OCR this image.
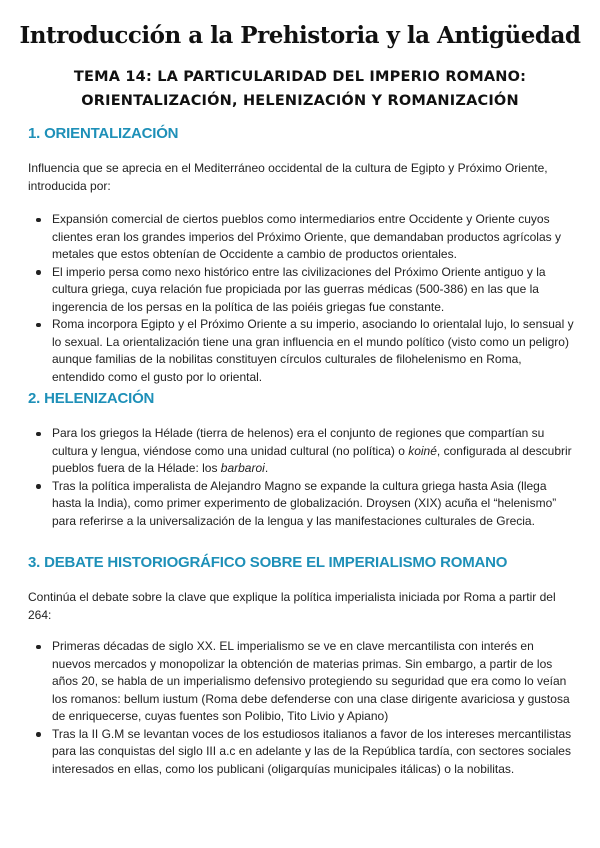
Introducción a la Prehistoria y la Antigüedad
TEMA 14: LA PARTICULARIDAD DEL IMPERIO ROMANO:
ORIENTALIZACIÓN, HELENIZACIÓN Y ROMANIZACIÓN
1. ORIENTALIZACIÓN

Influencia que se aprecia en el Mediterráneo occidental de la cultura de Egipto y Próximo Oriente, introducida por:

Expansión comercial de ciertos pueblos como intermediarios entre Occidente y Oriente cuyos clientes eran los grandes imperios del Próximo Oriente, que demandaban productos agrícolas y metales que estos obtenían de Occidente a cambio de productos orientales.
El imperio persa como nexo histórico entre las civilizaciones del Próximo Oriente antiguo y la cultura griega, cuya relación fue propiciada por las guerras médicas (500-386) en las que la ingerencia de los persas en la política de las poiéis griegas fue constante.
Roma incorpora Egipto y el Próximo Oriente a su imperio, asociando lo orientalal lujo, lo sensual y lo sexual. La orientalización tiene una gran influencia en el mundo político (visto como un peligro) aunque familias de la nobilitas constituyen círculos culturales de filohelenismo en Roma, entendido como el gusto por lo oriental.
2. HELENIZACIÓN
Para los griegos la Hélade (tierra de helenos) era el conjunto de regiones que compartían su cultura y lengua, viéndose como una unidad cultural (no política) o koiné, configurada al descubrir pueblos fuera de la Hélade: los barbaroi.
Tras la política imperalista de Alejandro Magno se expande la cultura griega hasta Asia (llega hasta la India), como primer experimento de globalización. Droysen (XIX) acuña el “helenismo” para referirse a la universalización de la lengua y las manifestaciones culturales de Grecia.
3. DEBATE HISTORIOGRÁFICO SOBRE EL IMPERIALISMO ROMANO

Continúa el debate sobre la clave que explique la política imperialista iniciada por Roma a partir del 264:

Primeras décadas de siglo XX. EL imperialismo se ve en clave mercantilista con interés en nuevos mercados y monopolizar la obtención de materias primas. Sin embargo, a partir de los años 20, se habla de un imperialismo defensivo protegiendo su seguridad que era como lo veían los romanos: bellum iustum (Roma debe defenderse con una clase dirigente avariciosa y gustosa de enriquecerse, cuyas fuentes son Polibio, Tito Livio y Apiano)
Tras la II G.M se levantan voces de los estudiosos italianos a favor de los intereses mercantilistas para las conquistas del siglo III a.c en adelante y las de la República tardía, con sectores sociales interesados en ellas, como los publicani (oligarquías municipales itálicas) o la nobilitas.
